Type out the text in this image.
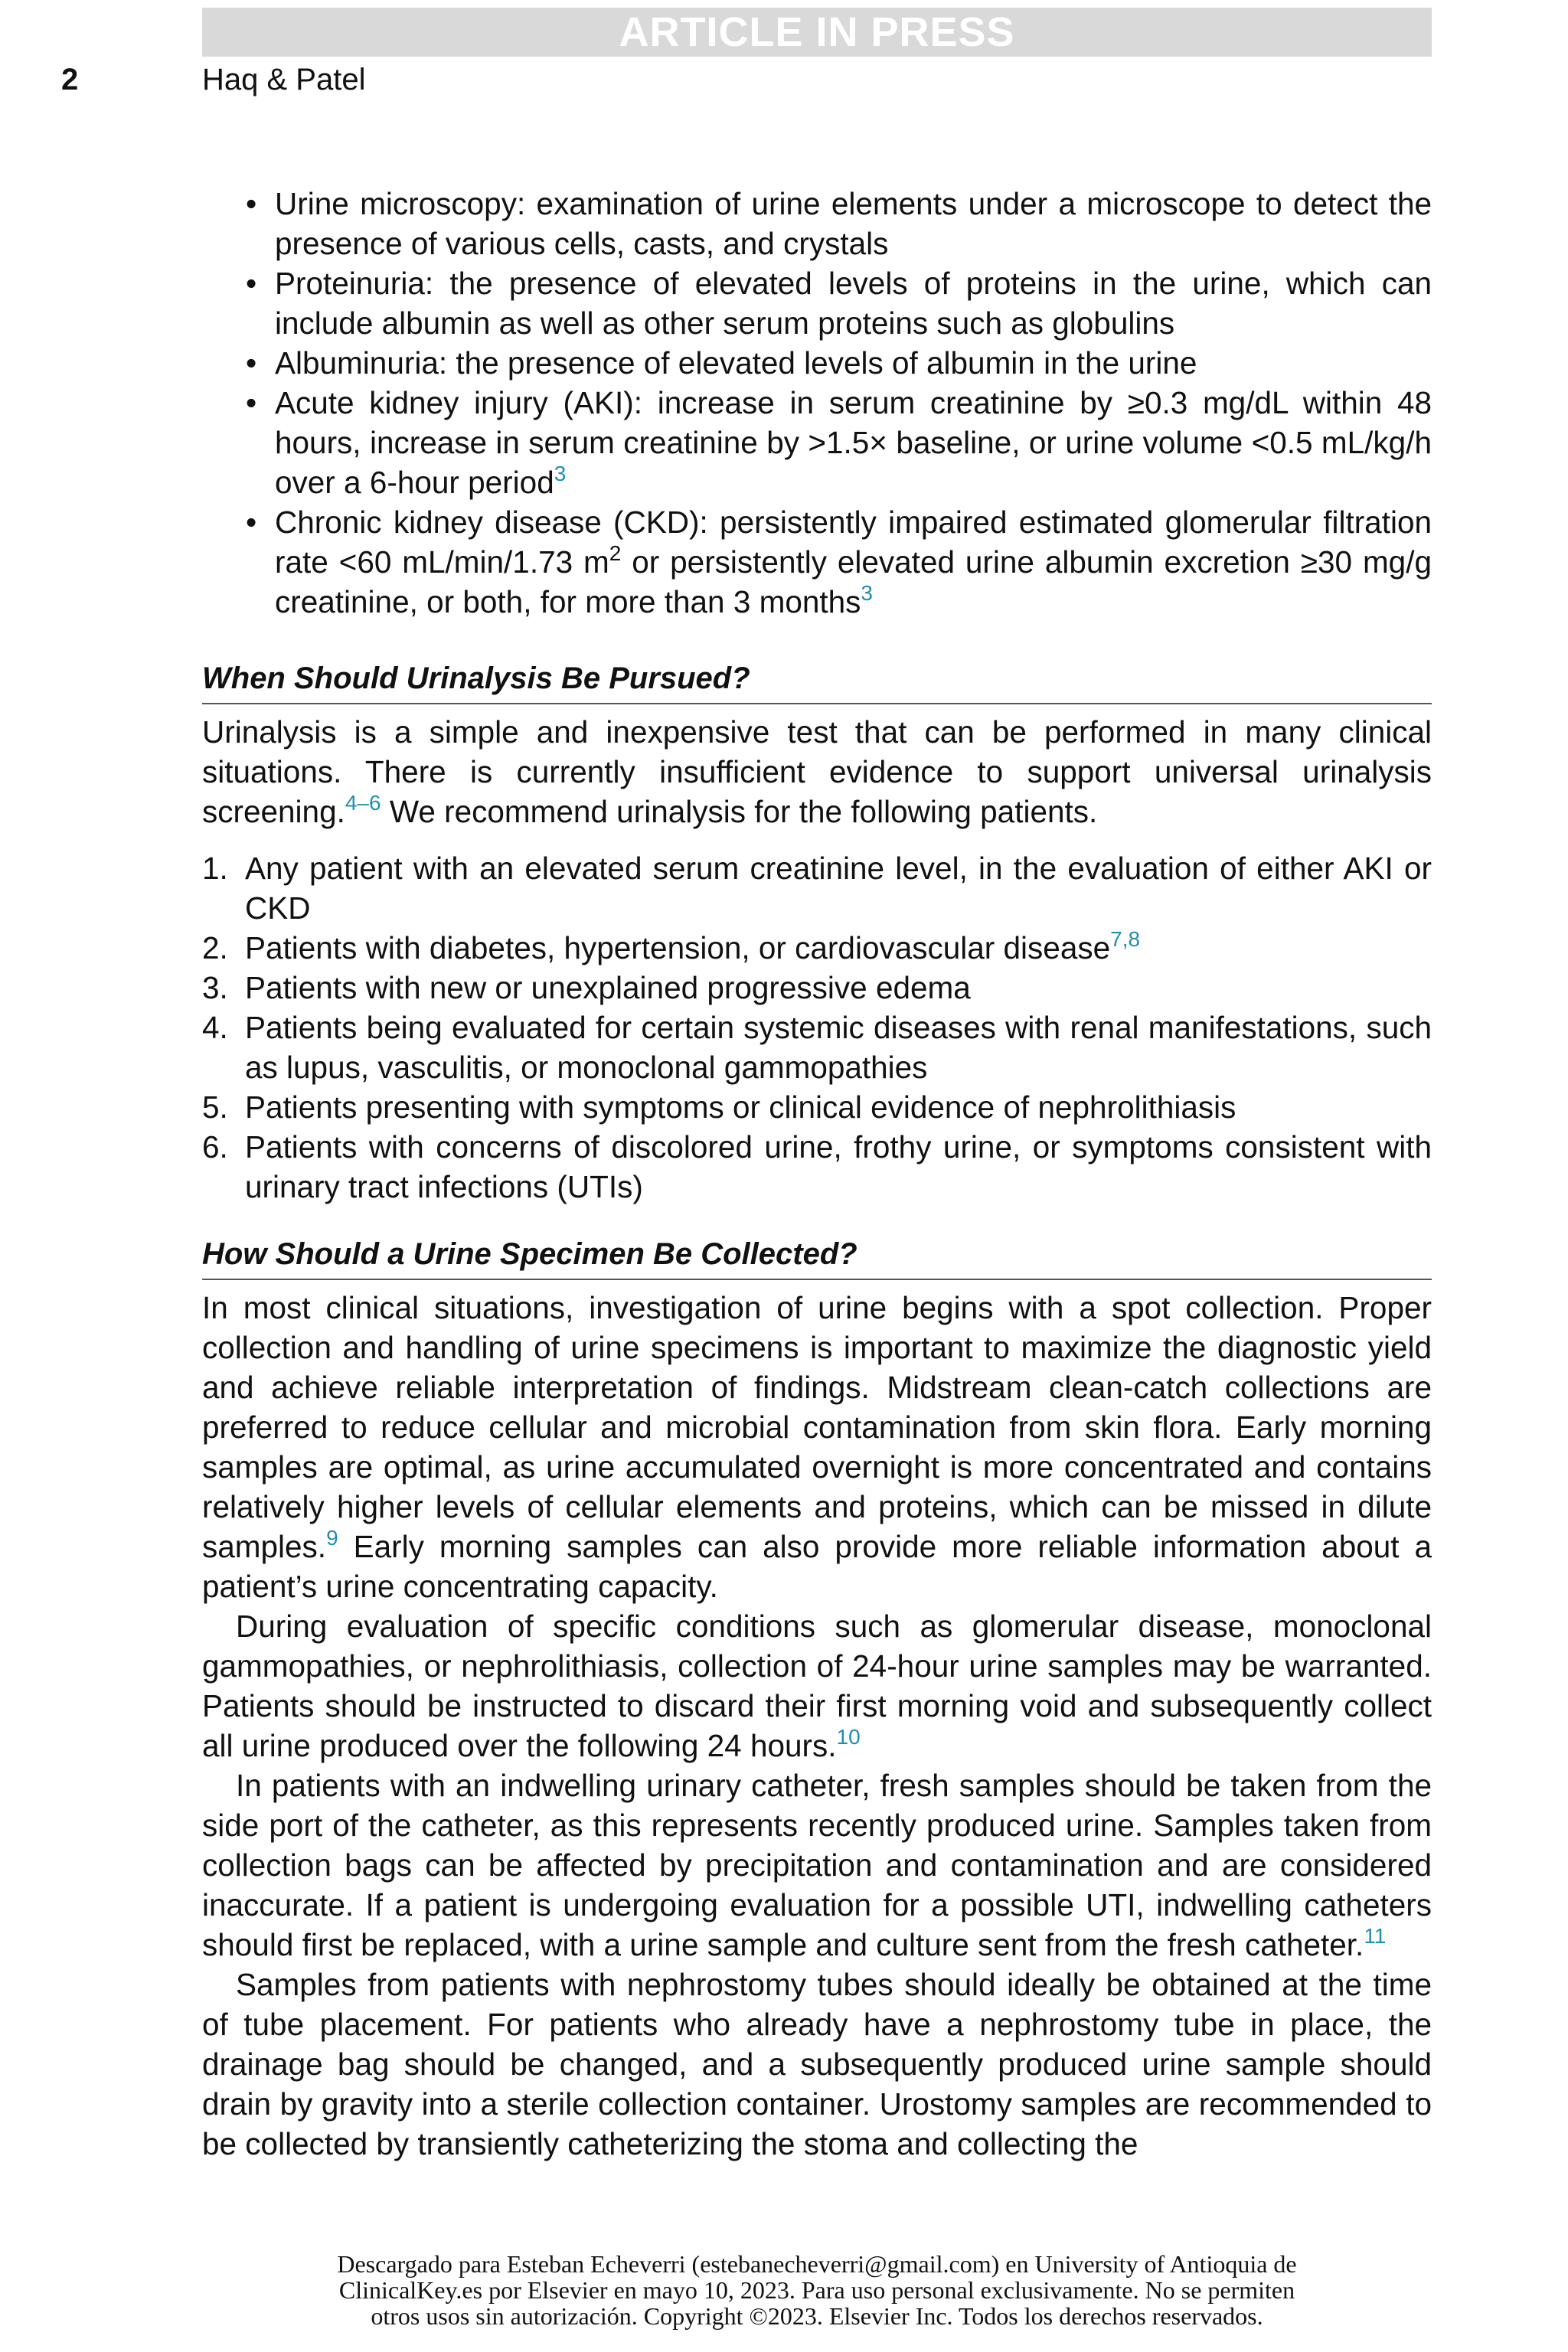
ARTICLE IN PRESS
2	Haq & Patel
• Urine microscopy: examination of urine elements under a microscope to detect the presence of various cells, casts, and crystals
• Proteinuria: the presence of elevated levels of proteins in the urine, which can include albumin as well as other serum proteins such as globulins
• Albuminuria: the presence of elevated levels of albumin in the urine
• Acute kidney injury (AKI): increase in serum creatinine by ≥0.3 mg/dL within 48 hours, increase in serum creatinine by >1.5× baseline, or urine volume <0.5 mL/kg/h over a 6-hour period$^3$
• Chronic kidney disease (CKD): persistently impaired estimated glomerular filtration rate <60 mL/min/1.73 $m^2$ or persistently elevated urine albumin excretion ≥30 mg/g creatinine, or both, for more than 3 months$^3$
When Should Urinalysis Be Pursued?

Urinalysis is a simple and inexpensive test that can be performed in many clinical situations. There is currently insufficient evidence to support universal urinalysis screening.$^{4-6}$ We recommend urinalysis for the following patients.

1. Any patient with an elevated serum creatinine level, in the evaluation of either AKI or CKD
2. Patients with diabetes, hypertension, or cardiovascular disease$^{7,8}$
3. Patients with new or unexplained progressive edema
4. Patients being evaluated for certain systemic diseases with renal manifestations, such as lupus, vasculitis, or monoclonal gammopathies
5. Patients presenting with symptoms or clinical evidence of nephrolithiasis
6. Patients with concerns of discolored urine, frothy urine, or symptoms consistent with urinary tract infections (UTIs)
How Should a Urine Specimen Be Collected?

In most clinical situations, investigation of urine begins with a spot collection. Proper collection and handling of urine specimens is important to maximize the diagnostic yield and achieve reliable interpretation of findings. Midstream clean-catch collections are preferred to reduce cellular and microbial contamination from skin flora. Early morning samples are optimal, as urine accumulated overnight is more concentrated and contains relatively higher levels of cellular elements and proteins, which can be missed in dilute samples.$^9$ Early morning samples can also provide more reliable information about a patient’s urine concentrating capacity.

During evaluation of specific conditions such as glomerular disease, monoclonal gammopathies, or nephrolithiasis, collection of 24-hour urine samples may be warranted. Patients should be instructed to discard their first morning void and subsequently collect all urine produced over the following 24 hours.$^{10}$

In patients with an indwelling urinary catheter, fresh samples should be taken from the side port of the catheter, as this represents recently produced urine. Samples taken from collection bags can be affected by precipitation and contamination and are considered inaccurate. If a patient is undergoing evaluation for a possible UTI, indwelling catheters should first be replaced, with a urine sample and culture sent from the fresh catheter.$^{11}$

Samples from patients with nephrostomy tubes should ideally be obtained at the time of tube placement. For patients who already have a nephrostomy tube in place, the drainage bag should be changed, and a subsequently produced urine sample should drain by gravity into a sterile collection container. Urostomy samples are recommended to be collected by transiently catheterizing the stoma and collecting the

Descargado para Esteban Echeverri (estebanecheverri@gmail.com) en University of Antioquia de
ClinicalKey.es por Elsevier en mayo 10, 2023. Para uso personal exclusivamente. No se permiten
otros usos sin autorización. Copyright ©2023. Elsevier Inc. Todos los derechos reservados.
